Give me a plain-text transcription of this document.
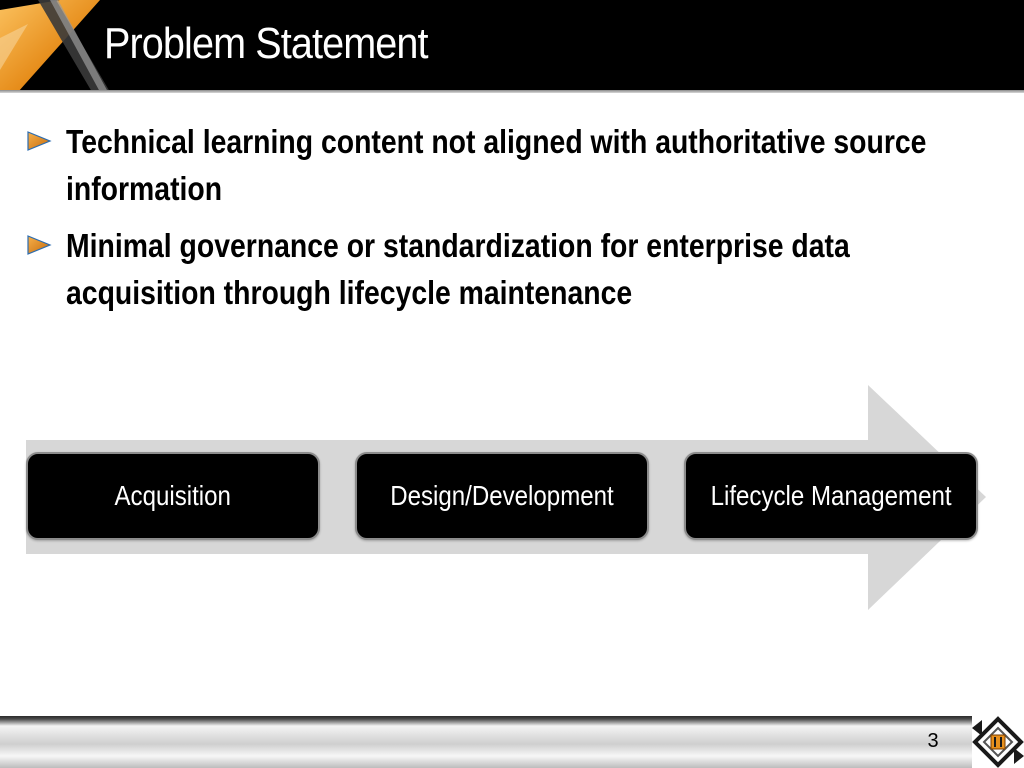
Problem Statement
Technical learning content not aligned with authoritative source information
Minimal governance or standardization for enterprise data acquisition through lifecycle maintenance
Acquisition	Design/Development	Lifecycle Management
3
